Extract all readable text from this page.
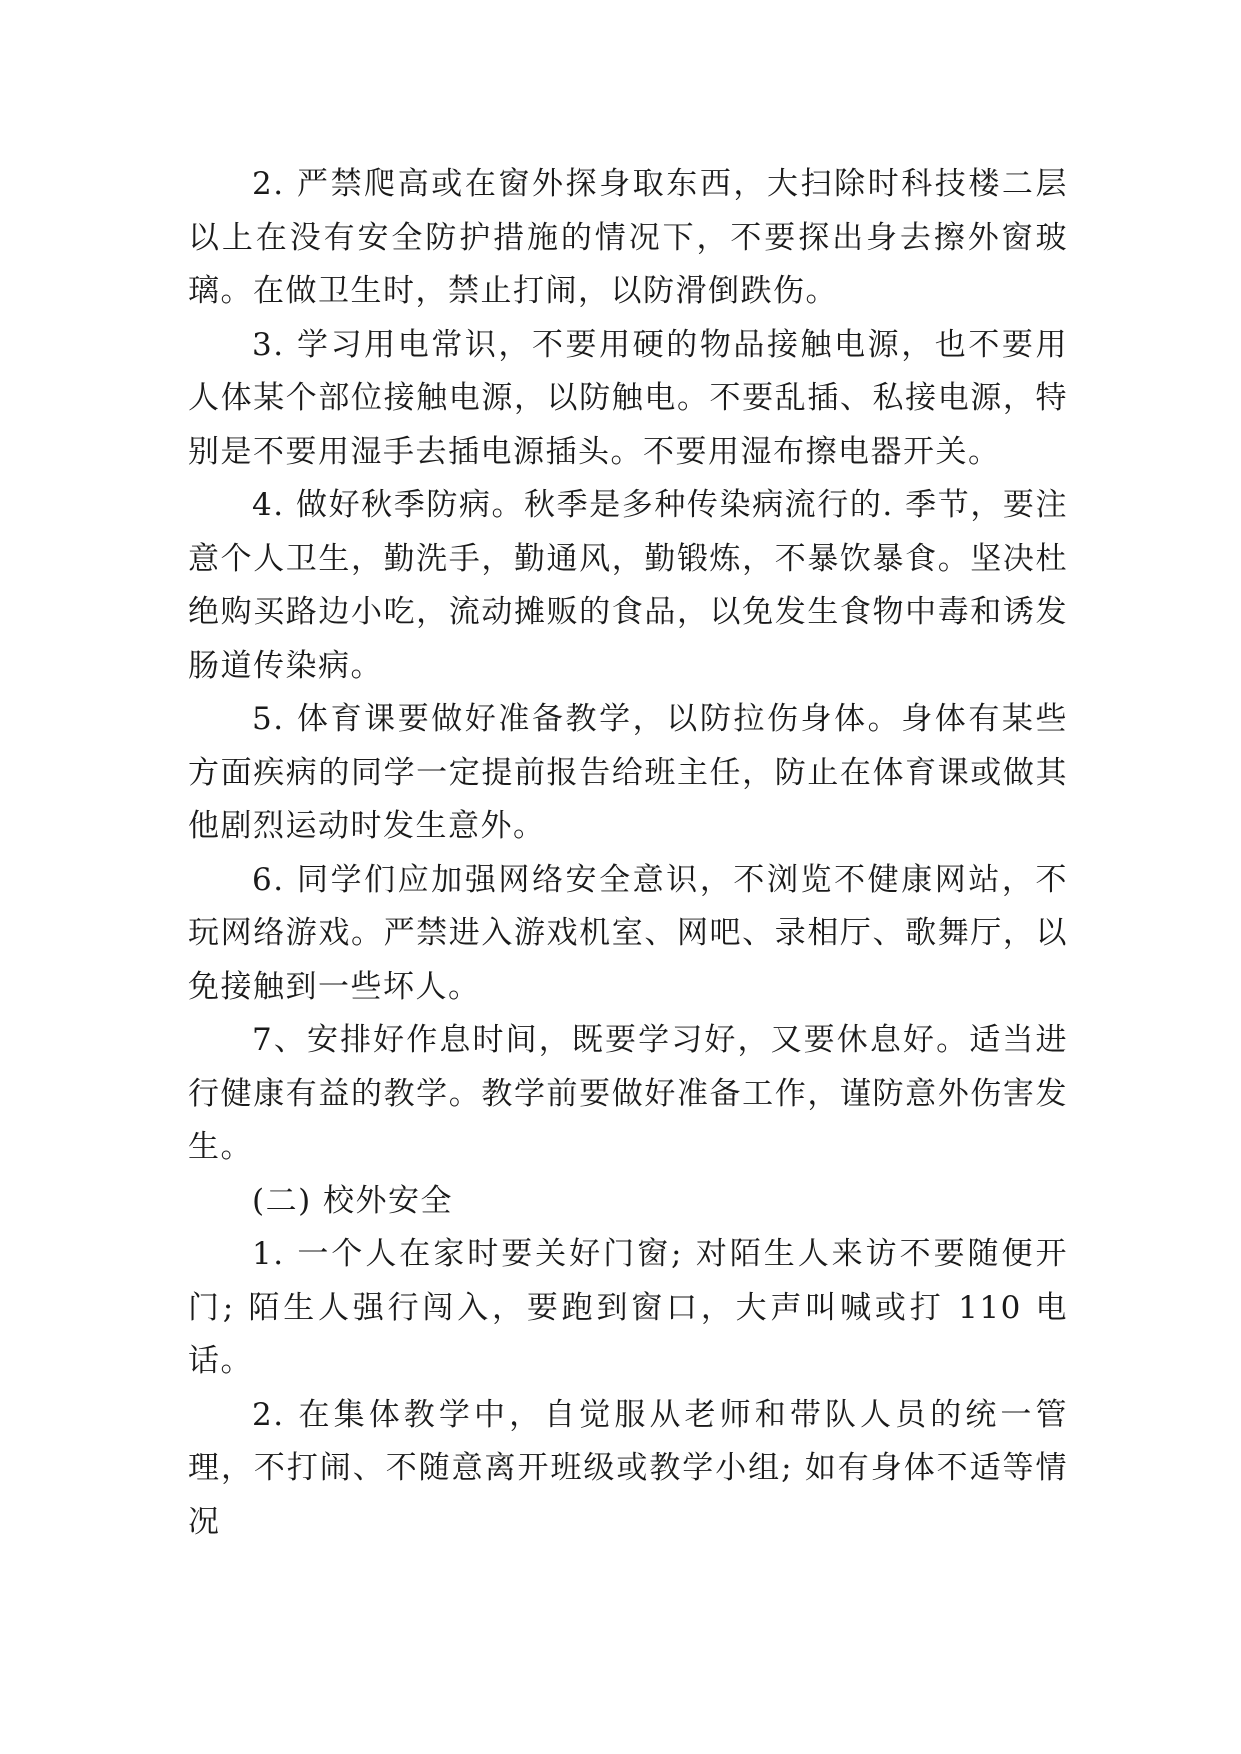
2. 严禁爬高或在窗外探身取东西，大扫除时科技楼二层以上在没有安全防护措施的情况下，不要探出身去擦外窗玻璃。在做卫生时，禁止打闹，以防滑倒跌伤。

3. 学习用电常识，不要用硬的物品接触电源，也不要用人体某个部位接触电源，以防触电。不要乱插、私接电源，特别是不要用湿手去插电源插头。不要用湿布擦电器开关。

4. 做好秋季防病。秋季是多种传染病流行的. 季节，要注意个人卫生，勤洗手，勤通风，勤锻炼，不暴饮暴食。坚决杜绝购买路边小吃，流动摊贩的食品，以免发生食物中毒和诱发肠道传染病。

5. 体育课要做好准备教学，以防拉伤身体。身体有某些方面疾病的同学一定提前报告给班主任，防止在体育课或做其他剧烈运动时发生意外。

6. 同学们应加强网络安全意识，不浏览不健康网站，不玩网络游戏。严禁进入游戏机室、网吧、录相厅、歌舞厅，以免接触到一些坏人。

7、安排好作息时间，既要学习好，又要休息好。适当进行健康有益的教学。教学前要做好准备工作，谨防意外伤害发生。

(二) 校外安全

1. 一个人在家时要关好门窗; 对陌生人来访不要随便开门; 陌生人强行闯入，要跑到窗口，大声叫喊或打 110 电话。

2. 在集体教学中，自觉服从老师和带队人员的统一管理，不打闹、不随意离开班级或教学小组; 如有身体不适等情况
